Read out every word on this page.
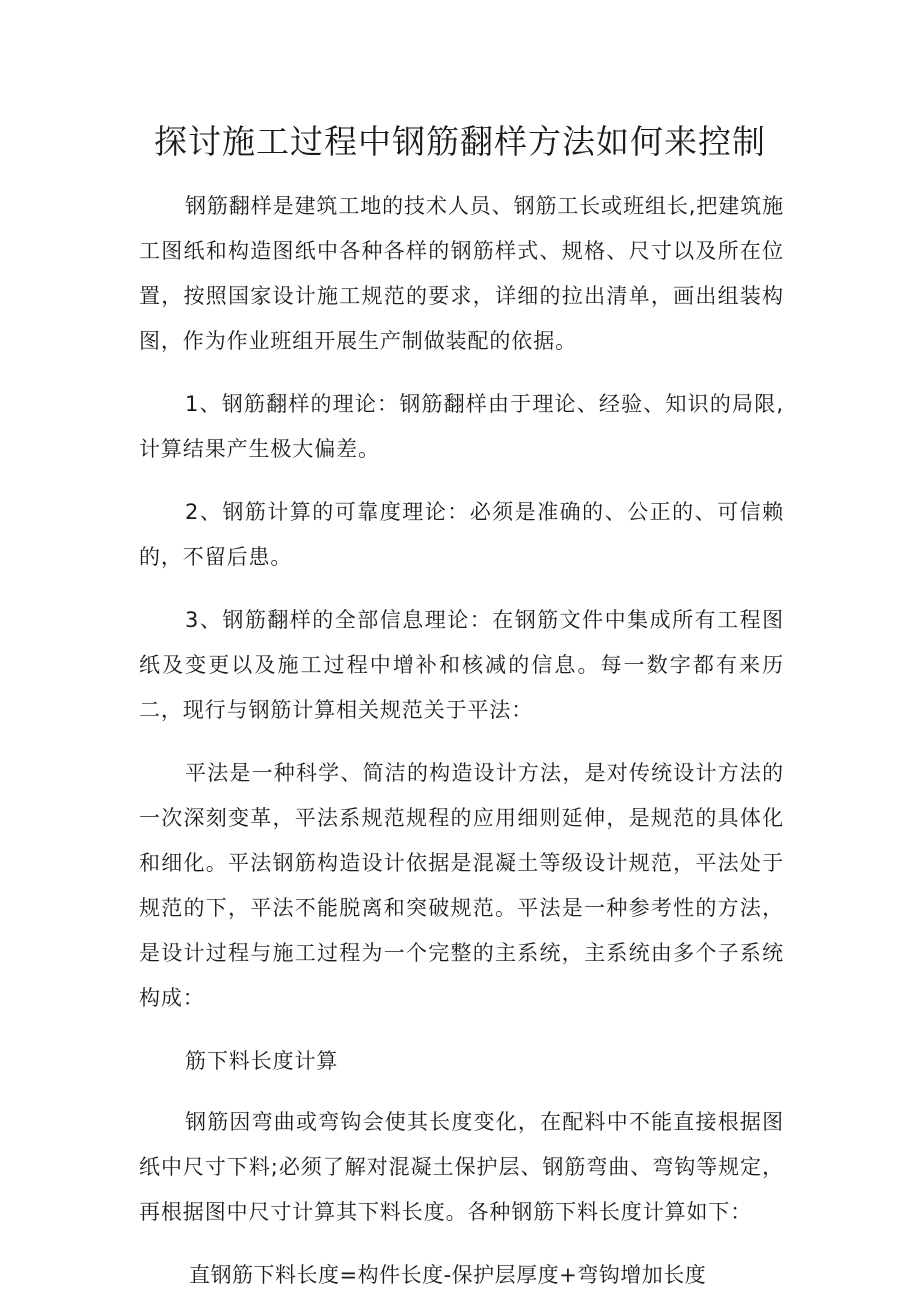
探讨施工过程中钢筋翻样方法如何来控制

钢筋翻样是建筑工地的技术人员、钢筋工长或班组长,把建筑施工图纸和构造图纸中各种各样的钢筋样式、规格、尺寸以及所在位置，按照国家设计施工规范的要求，详细的拉出清单，画出组装构图，作为作业班组开展生产制做装配的依据。

1、钢筋翻样的理论：钢筋翻样由于理论、经验、知识的局限,计算结果产生极大偏差。

2、钢筋计算的可靠度理论：必须是准确的、公正的、可信赖的，不留后患。

3、钢筋翻样的全部信息理论：在钢筋文件中集成所有工程图纸及变更以及施工过程中增补和核减的信息。每一数字都有来历二，现行与钢筋计算相关规范关于平法：

平法是一种科学、简洁的构造设计方法，是对传统设计方法的一次深刻变革，平法系规范规程的应用细则延伸，是规范的具体化和细化。平法钢筋构造设计依据是混凝土等级设计规范，平法处于规范的下，平法不能脱离和突破规范。平法是一种参考性的方法，是设计过程与施工过程为一个完整的主系统，主系统由多个子系统构成：

筋下料长度计算

钢筋因弯曲或弯钩会使其长度变化，在配料中不能直接根据图纸中尺寸下料;必须了解对混凝土保护层、钢筋弯曲、弯钩等规定，再根据图中尺寸计算其下料长度。各种钢筋下料长度计算如下：

直钢筋下料长度=构件长度-保护层厚度+弯钩增加长度
